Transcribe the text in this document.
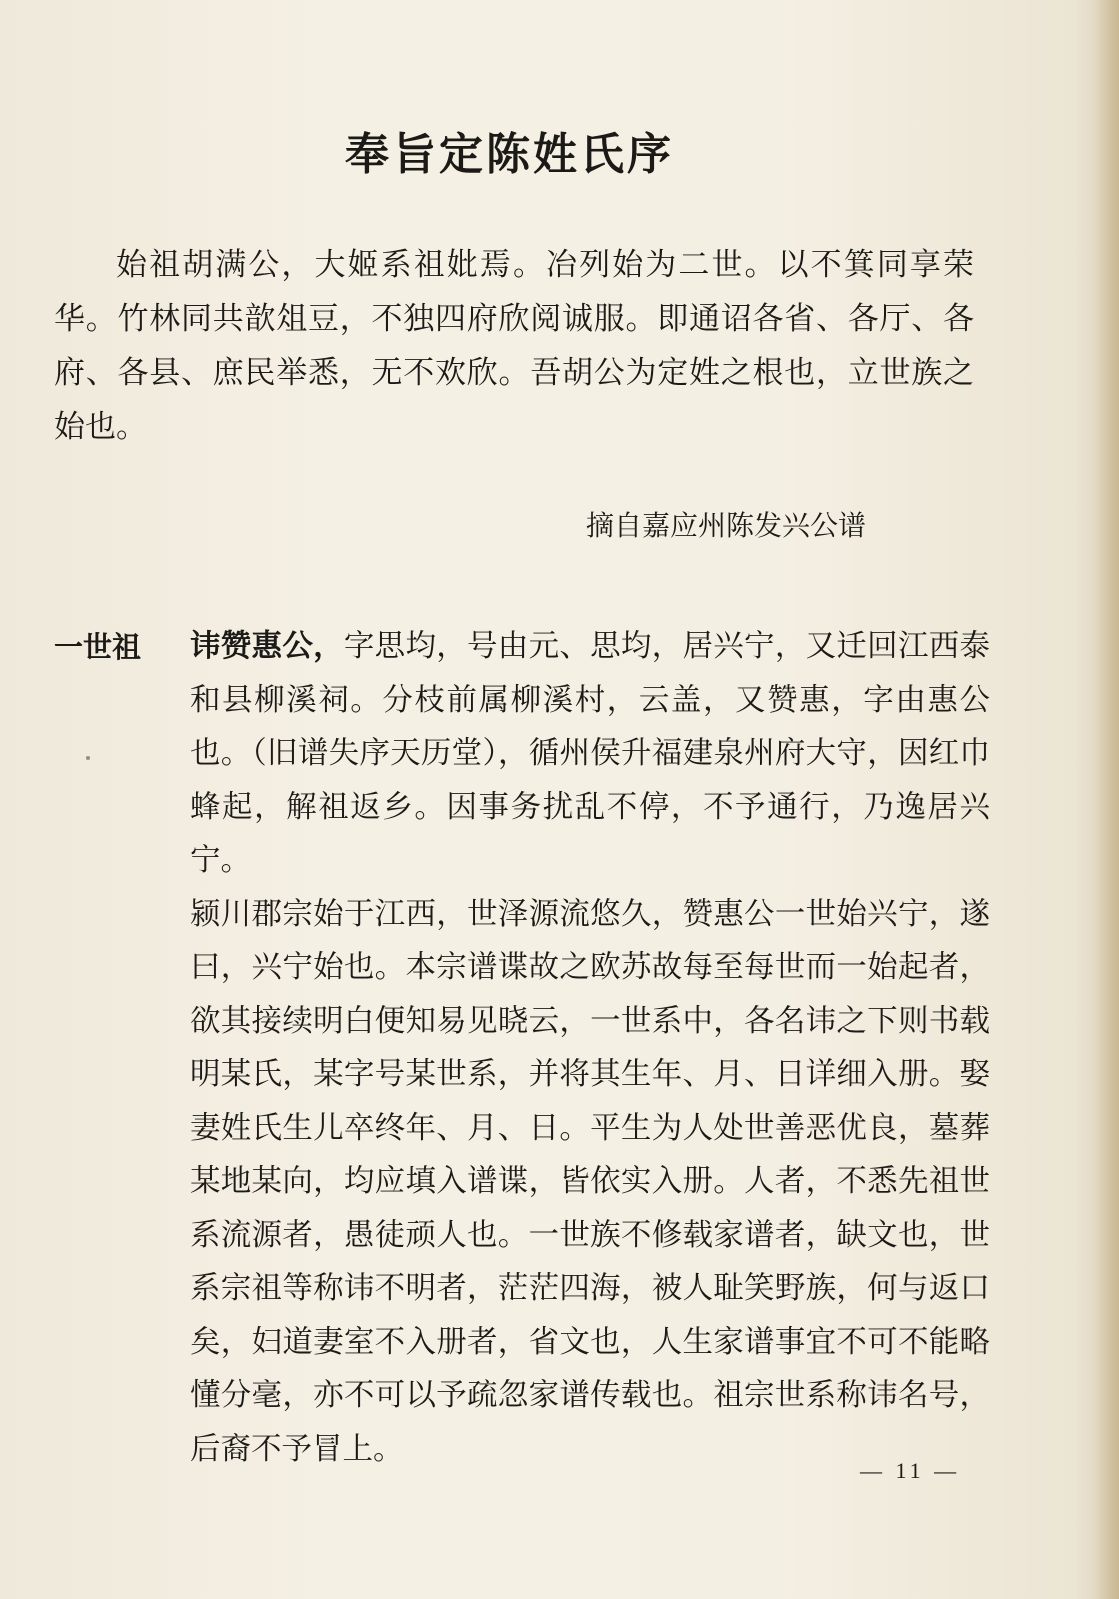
奉旨定陈姓氏序

始祖胡满公，大姬系祖妣焉。冶列始为二世。以不箕同享荣华。竹林同共歆俎豆，不独四府欣阅诚服。即通诏各省、各厅、各府、各县、庶民举悉，无不欢欣。吾胡公为定姓之根也，立世族之始也。

摘自嘉应州陈发兴公谱

一世祖 讳赞惠公，字思均，号由元、思均，居兴宁，又迁回江西泰和县柳溪祠。分枝前属柳溪村，云盖，又赞惠，字由惠公也。（旧谱失序天历堂），循州侯升福建泉州府大守，因红巾蜂起，解祖返乡。因事务扰乱不停，不予通行，乃逸居兴宁。

颍川郡宗始于江西，世泽源流悠久，赞惠公一世始兴宁，遂曰，兴宁始也。本宗谱谍故之欧苏故每至每世而一始起者，欲其接续明白便知易见晓云，一世系中，各名讳之下则书载明某氏，某字号某世系，并将其生年、月、日详细入册。娶妻姓氏生儿卒终年、月、日。平生为人处世善恶优良，墓葬某地某向，均应填入谱谍，皆依实入册。人者，不悉先祖世系流源者，愚徒顽人也。一世族不修载家谱者，缺文也，世系宗祖等称讳不明者，茫茫四海，被人耻笑野族，何与返口矣，妇道妻室不入册者，省文也，人生家谱事宜不可不能略懂分毫，亦不可以予疏忽家谱传载也。祖宗世系称讳名号，后裔不予冒上。

— 11 —
